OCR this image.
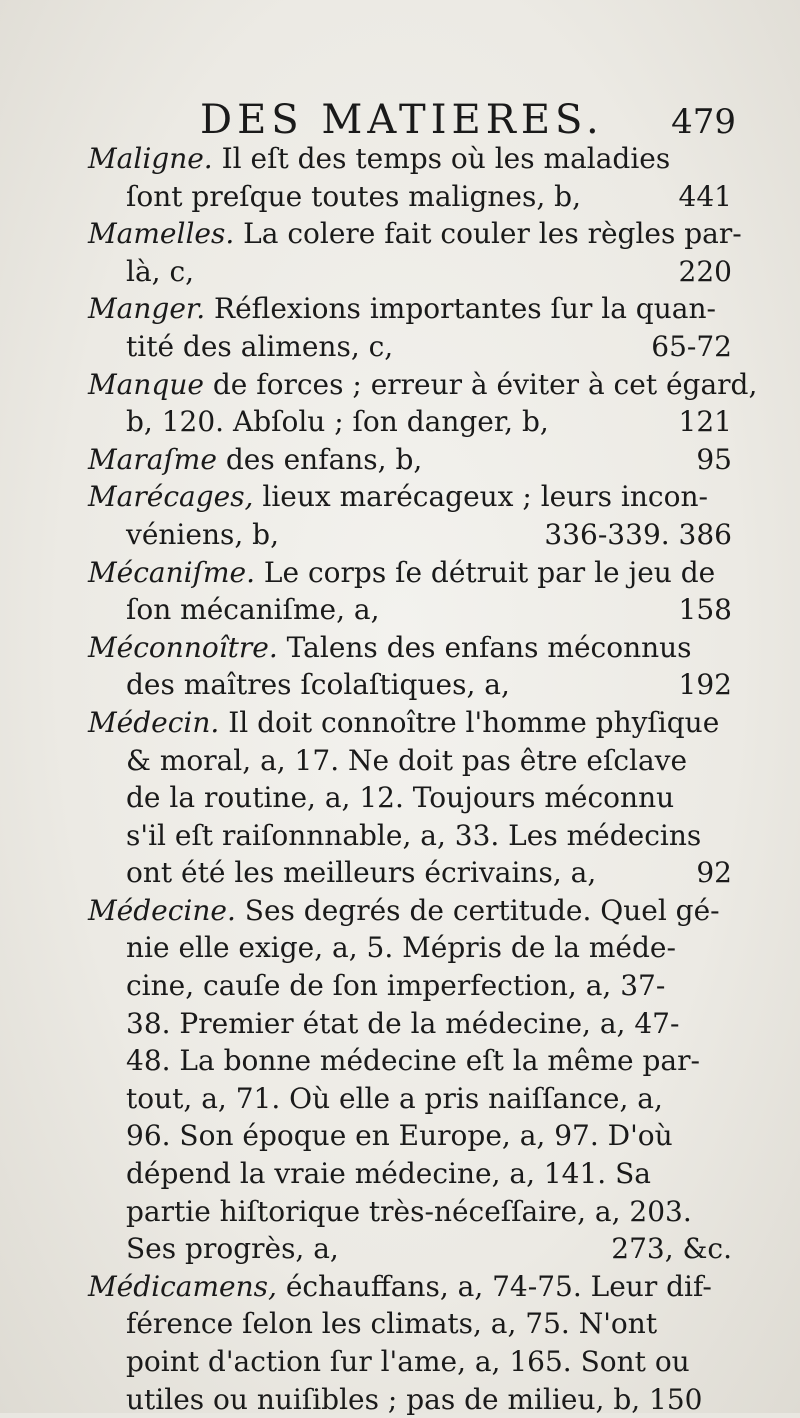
DES MATIERES. 479
Maligne. Il eſt des temps où les maladies
ſont preſque toutes malignes, b,	441
Mamelles. La colere fait couler les règles par-
là, c,	220
Manger. Réflexions importantes ſur la quan-
tité des alimens, c,	65-72
Manque de forces ; erreur à éviter à cet égard,
b, 120. Abſolu ; ſon danger, b,	121
Maraſme des enfans, b,	95
Marécages, lieux marécageux ; leurs incon-
véniens, b,	336-339. 386
Mécaniſme. Le corps ſe détruit par le jeu de
ſon mécaniſme, a,	158
Méconnoître. Talens des enfans méconnus
des maîtres ſcolaſtiques, a,	192
Médecin. Il doit connoître l'homme phyſique
& moral, a, 17. Ne doit pas être eſclave
de la routine, a, 12. Toujours méconnu
s'il eſt raiſonnnable, a, 33. Les médecins
ont été les meilleurs écrivains, a,	92
Médecine. Ses degrés de certitude. Quel gé-
nie elle exige, a, 5. Mépris de la méde-
cine, cauſe de ſon imperfection, a, 37-
38. Premier état de la médecine, a, 47-
48. La bonne médecine eſt la même par-
tout, a, 71. Où elle a pris naiſſance, a,
96. Son époque en Europe, a, 97. D'où
dépend la vraie médecine, a, 141. Sa
partie hiſtorique très-néceſſaire, a, 203.
Ses progrès, a,	273, &c.
Médicamens, échauffans, a, 74-75. Leur dif-
férence ſelon les climats, a, 75. N'ont
point d'action ſur l'ame, a, 165. Sont ou
utiles ou nuiſibles ; pas de milieu, b, 150
